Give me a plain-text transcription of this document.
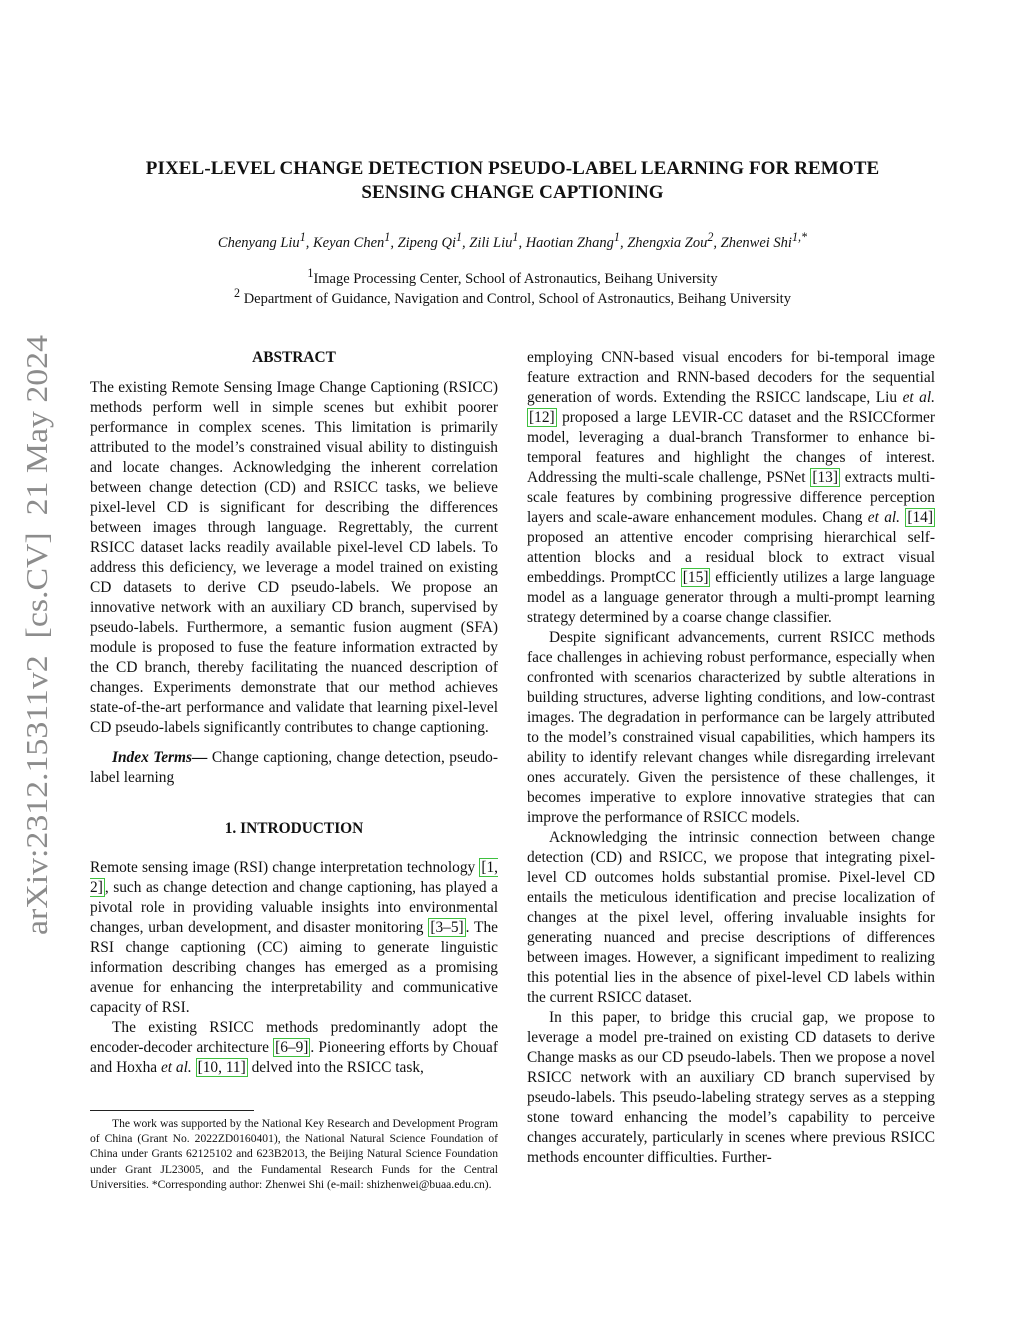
arXiv:2312.15311v2  [cs.CV]  21 May 2024
PIXEL-LEVEL CHANGE DETECTION PSEUDO-LABEL LEARNING FOR REMOTE
SENSING CHANGE CAPTIONING
Chenyang Liu$^1$, Keyan Chen$^1$, Zipeng Qi$^1$, Zili Liu$^1$, Haotian Zhang$^1$, Zhengxia Zou$^2$, Zhenwei Shi$^{1,*}$
$^1$Image Processing Center, School of Astronautics, Beihang University
$^2$ Department of Guidance, Navigation and Control, School of Astronautics, Beihang University

ABSTRACT

The existing Remote Sensing Image Change Captioning (RSICC) methods perform well in simple scenes but exhibit poorer performance in complex scenes. This limitation is primarily attributed to the model’s constrained visual ability to distinguish and locate changes. Acknowledging the inherent correlation between change detection (CD) and RSICC tasks, we believe pixel-level CD is significant for describing the differences between images through language. Regrettably, the current RSICC dataset lacks readily available pixel-level CD labels. To address this deficiency, we leverage a model trained on existing CD datasets to derive CD pseudo-labels. We propose an innovative network with an auxiliary CD branch, supervised by pseudo-labels. Furthermore, a semantic fusion augment (SFA) module is proposed to fuse the feature information extracted by the CD branch, thereby facilitating the nuanced description of changes. Experiments demonstrate that our method achieves state-of-the-art performance and validate that learning pixel-level CD pseudo-labels significantly contributes to change captioning.

Index Terms— Change captioning, change detection, pseudo-label learning

1. INTRODUCTION

Remote sensing image (RSI) change interpretation technology [1, 2] , such as change detection and change captioning, has played a pivotal role in providing valuable insights into environmental changes, urban development, and disaster monitoring [3–5] . The RSI change captioning (CC) aiming to generate linguistic information describing changes has emerged as a promising avenue for enhancing the interpretability and communicative capacity of RSI.

The existing RSICC methods predominantly adopt the encoder-decoder architecture [6–9] . Pioneering efforts by Chouaf and Hoxha et al. [10, 11] delved into the RSICC task,

The work was supported by the National Key Research and Development Program of China (Grant No. 2022ZD0160401), the National Natural Science Foundation of China under Grants 62125102 and 623B2013, the Beijing Natural Science Foundation under Grant JL23005, and the Fundamental Research Funds for the Central Universities. *Corresponding author: Zhenwei Shi (e-mail: shizhenwei@buaa.edu.cn).

employing CNN-based visual encoders for bi-temporal image feature extraction and RNN-based decoders for the sequential generation of words. Extending the RSICC landscape, Liu et al. [12] proposed a large LEVIR-CC dataset and the RSICCformer model, leveraging a dual-branch Transformer to enhance bi-temporal features and highlight the changes of interest. Addressing the multi-scale challenge, PSNet [13] extracts multi-scale features by combining progressive difference perception layers and scale-aware enhancement modules. Chang et al. [14] proposed an attentive encoder comprising hierarchical self-attention blocks and a residual block to extract visual embeddings. PromptCC [15] efficiently utilizes a large language model as a language generator through a multi-prompt learning strategy determined by a coarse change classifier.

Despite significant advancements, current RSICC methods face challenges in achieving robust performance, especially when confronted with scenarios characterized by subtle alterations in building structures, adverse lighting conditions, and low-contrast images. The degradation in performance can be largely attributed to the model’s constrained visual capabilities, which hampers its ability to identify relevant changes while disregarding irrelevant ones accurately. Given the persistence of these challenges, it becomes imperative to explore innovative strategies that can improve the performance of RSICC models.

Acknowledging the intrinsic connection between change detection (CD) and RSICC, we propose that integrating pixel-level CD outcomes holds substantial promise. Pixel-level CD entails the meticulous identification and precise localization of changes at the pixel level, offering invaluable insights for generating nuanced and precise descriptions of differences between images. However, a significant impediment to realizing this potential lies in the absence of pixel-level CD labels within the current RSICC dataset.

In this paper, to bridge this crucial gap, we propose to leverage a model pre-trained on existing CD datasets to derive Change masks as our CD pseudo-labels. Then we propose a novel RSICC network with an auxiliary CD branch supervised by pseudo-labels. This pseudo-labeling strategy serves as a stepping stone toward enhancing the model’s capability to perceive changes accurately, particularly in scenes where previous RSICC methods encounter difficulties. Further-
